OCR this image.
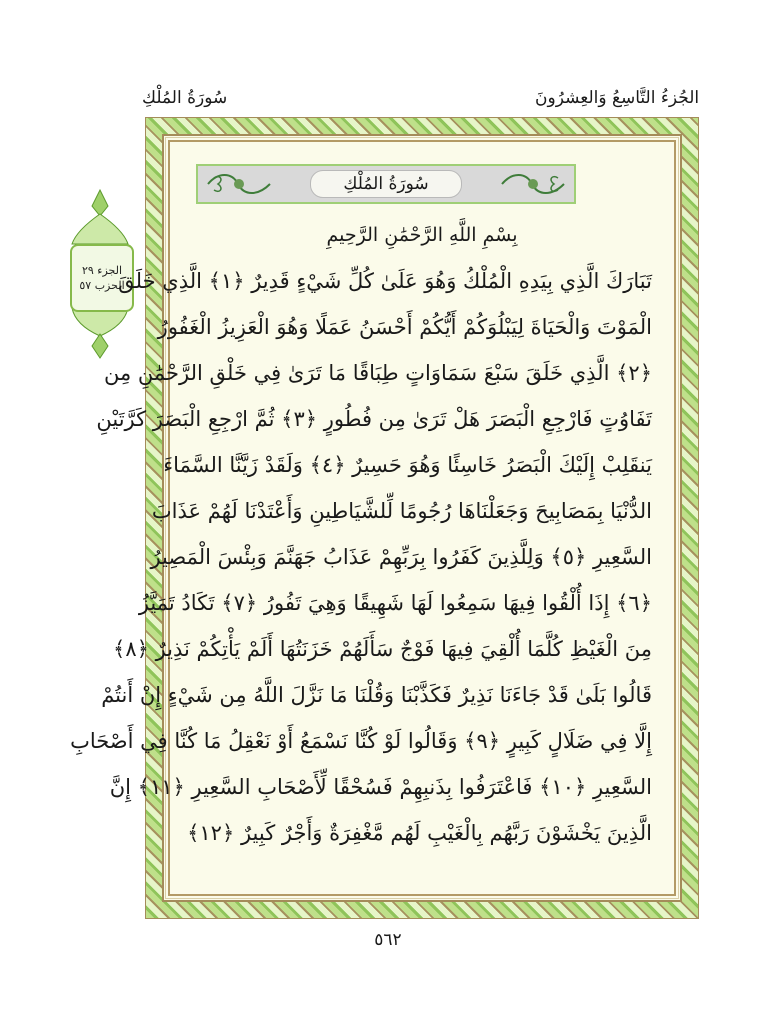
الجُزءُ التَّاسِعُ وَالعِشرُونَ
سُورَةُ المُلْكِ
الجزء ٢٩
الحزب ٥٧
سُورَةُ المُلْكِ
بِسْمِ اللَّهِ الرَّحْمَٰنِ الرَّحِيمِ
تَبَارَكَ الَّذِي بِيَدِهِ الْمُلْكُ وَهُوَ عَلَىٰ كُلِّ شَيْءٍ قَدِيرٌ ﴿١﴾ الَّذِي خَلَقَ
الْمَوْتَ وَالْحَيَاةَ لِيَبْلُوَكُمْ أَيُّكُمْ أَحْسَنُ عَمَلًا وَهُوَ الْعَزِيزُ الْغَفُورُ
﴿٢﴾ الَّذِي خَلَقَ سَبْعَ سَمَاوَاتٍ طِبَاقًا مَا تَرَىٰ فِي خَلْقِ الرَّحْمَٰنِ مِن
تَفَاوُتٍ فَارْجِعِ الْبَصَرَ هَلْ تَرَىٰ مِن فُطُورٍ ﴿٣﴾ ثُمَّ ارْجِعِ الْبَصَرَ كَرَّتَيْنِ
يَنقَلِبْ إِلَيْكَ الْبَصَرُ خَاسِئًا وَهُوَ حَسِيرٌ ﴿٤﴾ وَلَقَدْ زَيَّنَّا السَّمَاءَ
الدُّنْيَا بِمَصَابِيحَ وَجَعَلْنَاهَا رُجُومًا لِّلشَّيَاطِينِ وَأَعْتَدْنَا لَهُمْ عَذَابَ
السَّعِيرِ ﴿٥﴾ وَلِلَّذِينَ كَفَرُوا بِرَبِّهِمْ عَذَابُ جَهَنَّمَ وَبِئْسَ الْمَصِيرُ
﴿٦﴾ إِذَا أُلْقُوا فِيهَا سَمِعُوا لَهَا شَهِيقًا وَهِيَ تَفُورُ ﴿٧﴾ تَكَادُ تَمَيَّزُ
مِنَ الْغَيْظِ كُلَّمَا أُلْقِيَ فِيهَا فَوْجٌ سَأَلَهُمْ خَزَنَتُهَا أَلَمْ يَأْتِكُمْ نَذِيرٌ ﴿٨﴾
قَالُوا بَلَىٰ قَدْ جَاءَنَا نَذِيرٌ فَكَذَّبْنَا وَقُلْنَا مَا نَزَّلَ اللَّهُ مِن شَيْءٍ إِنْ أَنتُمْ
إِلَّا فِي ضَلَالٍ كَبِيرٍ ﴿٩﴾ وَقَالُوا لَوْ كُنَّا نَسْمَعُ أَوْ نَعْقِلُ مَا كُنَّا فِي أَصْحَابِ
السَّعِيرِ ﴿١٠﴾ فَاعْتَرَفُوا بِذَنبِهِمْ فَسُحْقًا لِّأَصْحَابِ السَّعِيرِ ﴿١١﴾ إِنَّ
الَّذِينَ يَخْشَوْنَ رَبَّهُم بِالْغَيْبِ لَهُم مَّغْفِرَةٌ وَأَجْرٌ كَبِيرٌ ﴿١٢﴾
٥٦٢
